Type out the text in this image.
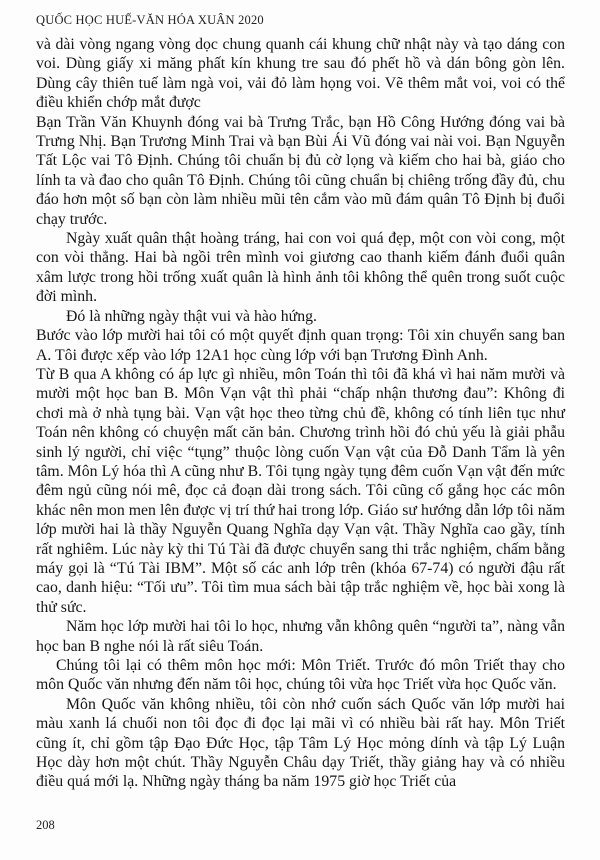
QUỐC HỌC HUẾ-VĂN HÓA XUÂN 2020

và dài vòng ngang vòng dọc chung quanh cái khung chữ nhật này và tạo dáng con voi. Dùng giấy xi măng phất kín khung tre sau đó phết hồ và dán bông gòn lên. Dùng cây thiên tuế làm ngà voi, vải đỏ làm họng voi. Vẽ thêm mắt voi, voi có thể điều khiển chớp mắt được

Bạn Trần Văn Khuynh đóng vai bà Trưng Trắc, bạn Hồ Công Hướng đóng vai bà Trưng Nhị. Bạn Trương Minh Trai và bạn Bùi Ái Vũ đóng vai nài voi. Bạn Nguyễn Tất Lộc vai Tô Định. Chúng tôi chuẩn bị đủ cờ lọng và kiếm cho hai bà, giáo cho lính ta và đao cho quân Tô Định. Chúng tôi cũng chuẩn bị chiêng trống đầy đủ, chu đáo hơn một số bạn còn làm nhiều mũi tên cắm vào mũ đám quân Tô Định bị đuổi chạy trước.

Ngày xuất quân thật hoàng tráng, hai con voi quá đẹp, một con vòi cong, một con vòi thẳng. Hai bà ngồi trên mình voi giương cao thanh kiếm đánh đuổi quân xâm lược trong hồi trống xuất quân là hình ảnh tôi không thể quên trong suốt cuộc đời mình.

Đó là những ngày thật vui và hào hứng.

Bước vào lớp mười hai tôi có một quyết định quan trọng: Tôi xin chuyển sang ban A. Tôi được xếp vào lớp 12A1 học cùng lớp với bạn Trương Đình Anh.

Từ B qua A không có áp lực gì nhiều, môn Toán thì tôi đã khá vì hai năm mười và mười một học ban B. Môn Vạn vật thì phải “chấp nhận thương đau”: Không đi chơi mà ở nhà tụng bài. Vạn vật học theo từng chủ đề, không có tính liên tục như Toán nên không có chuyện mất căn bản. Chương trình hồi đó chủ yếu là giải phẫu sinh lý người, chỉ việc “tụng” thuộc lòng cuốn Vạn vật của Đỗ Danh Tẩm là yên tâm. Môn Lý hóa thì A cũng như B. Tôi tụng ngày tụng đêm cuốn Vạn vật đến mức đêm ngủ cũng nói mê, đọc cả đoạn dài trong sách. Tôi cũng cố gắng học các môn khác nên mon men lên được vị trí thứ hai trong lớp. Giáo sư hướng dẫn lớp tôi năm lớp mười hai là thầy Nguyễn Quang Nghĩa dạy Vạn vật. Thầy Nghĩa cao gầy, tính rất nghiêm. Lúc này kỳ thi Tú Tài đã được chuyển sang thi trắc nghiệm, chấm bằng máy gọi là “Tú Tài IBM”. Một số các anh lớp trên (khóa 67-74) có người đậu rất cao, danh hiệu: “Tối ưu”. Tôi tìm mua sách bài tập trắc nghiệm về, học bài xong là thử sức.

Năm học lớp mười hai tôi lo học, nhưng vẫn không quên “người ta”, nàng vẫn học ban B nghe nói là rất siêu Toán.

Chúng tôi lại có thêm môn học mới: Môn Triết. Trước đó môn Triết thay cho môn Quốc văn nhưng đến năm tôi học, chúng tôi vừa học Triết vừa học Quốc văn.

Môn Quốc văn không nhiều, tôi còn nhớ cuốn sách Quốc văn lớp mười hai màu xanh lá chuối non tôi đọc đi đọc lại mãi vì có nhiều bài rất hay. Môn Triết cũng ít, chỉ gồm tập Đạo Đức Học, tập Tâm Lý Học mỏng dính và tập Lý Luận Học dày hơn một chút. Thầy Nguyễn Châu dạy Triết, thầy giảng hay và có nhiều điều quá mới lạ. Những ngày tháng ba năm 1975 giờ học Triết của

208
